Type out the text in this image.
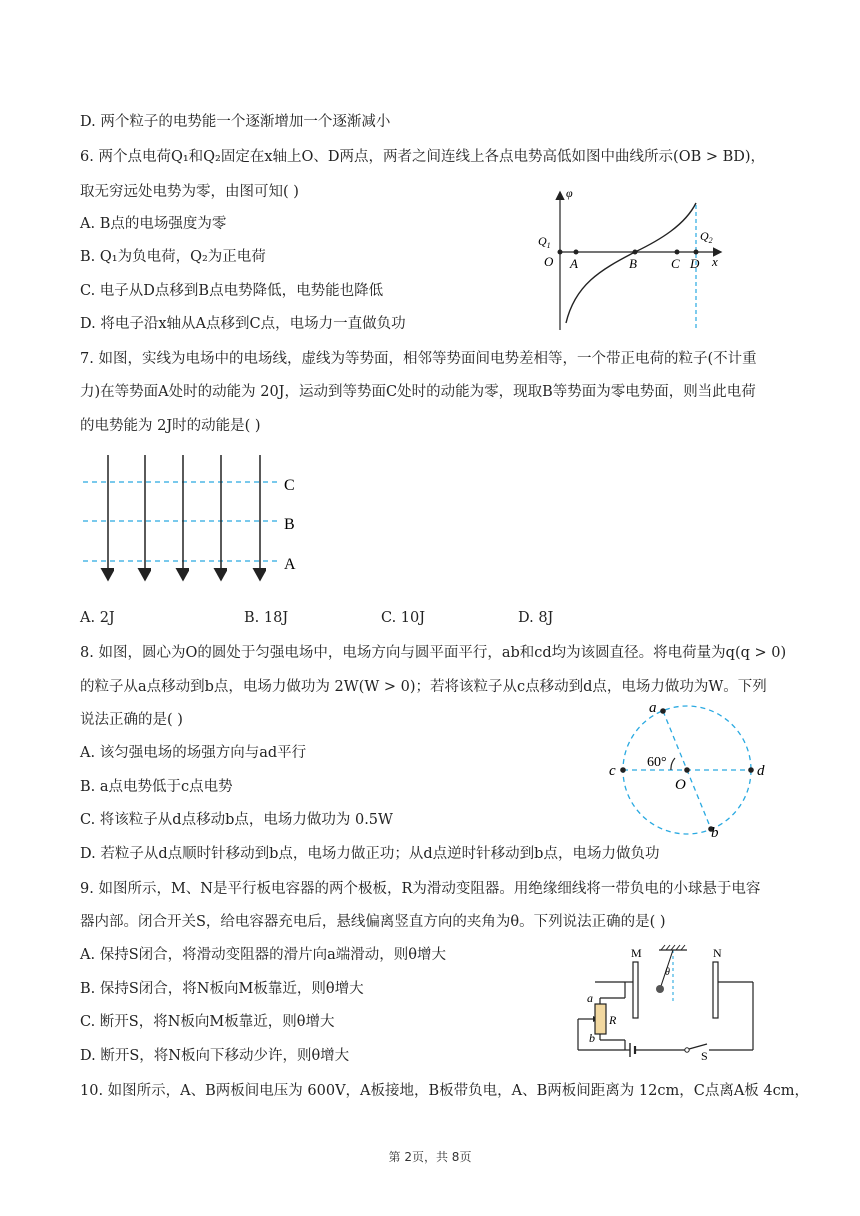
D. 两个粒子的电势能一个逐渐增加一个逐渐减小
6. 两个点电荷Q₁和Q₂固定在x轴上O、D两点，两者之间连线上各点电势高低如图中曲线所示(OB > BD)，
取无穷远处电势为零，由图可知( )
A. B点的电场强度为零
B. Q₁为负电荷，Q₂为正电荷
C. 电子从D点移到B点电势降低，电势能也降低
D. 将电子沿x轴从A点移到C点，电场力一直做负功
7. 如图，实线为电场中的电场线，虚线为等势面，相邻等势面间电势差相等，一个带正电荷的粒子(不计重
力)在等势面A处时的动能为 20J，运动到等势面C处时的动能为零，现取B等势面为零电势面，则当此电荷
的电势能为 2J时的动能是( )
A. 2J	B. 18J	C. 10J	D. 8J
8. 如图，圆心为O的圆处于匀强电场中，电场方向与圆平面平行，ab和cd均为该圆直径。将电荷量为q(q > 0)
的粒子从a点移动到b点，电场力做功为 2W(W > 0)；若将该粒子从c点移动到d点，电场力做功为W。下列
说法正确的是( )
A. 该匀强电场的场强方向与ad平行
B. a点电势低于c点电势
C. 将该粒子从d点移动b点，电场力做功为 0.5W
D. 若粒子从d点顺时针移动到b点，电场力做正功；从d点逆时针移动到b点，电场力做负功
9. 如图所示，M、N是平行板电容器的两个极板，R为滑动变阻器。用绝缘细线将一带负电的小球悬于电容
器内部。闭合开关S，给电容器充电后，悬线偏离竖直方向的夹角为θ。下列说法正确的是( )
A. 保持S闭合，将滑动变阻器的滑片向a端滑动，则θ增大
B. 保持S闭合，将N板向M板靠近，则θ增大
C. 断开S，将N板向M板靠近，则θ增大
D. 断开S，将N板向下移动少许，则θ增大
10. 如图所示，A、B两板间电压为 600V，A板接地，B板带负电，A、B两板间距离为 12cm，C点离A板 4cm，
φ
$Q_1$
$Q_2$
O A	B	C D x
C
B
A
a
b
c	d
O
60°
M	N
θ
a
b
R
S
第 2页，共 8页
